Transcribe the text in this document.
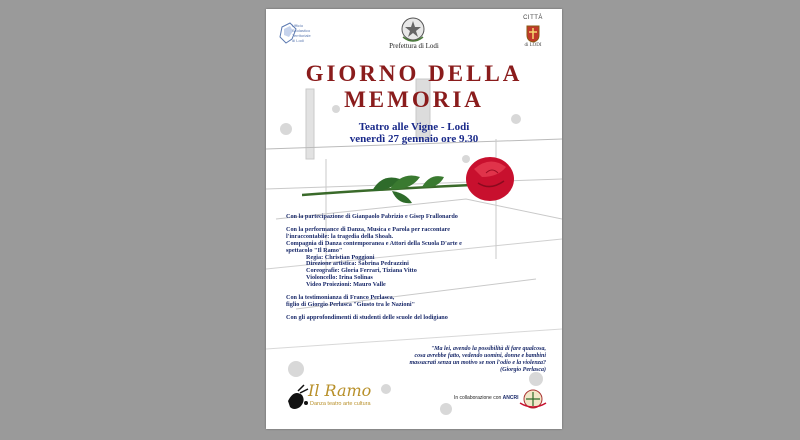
Ufficio
Scolastico
Territoriale
di Lodi
Prefettura di Lodi
CITTÀ
di LODI
GIORNO DELLA
MEMORIA
Teatro alle Vigne - Lodi
venerdì 27 gennaio ore 9.30

Con la partecipazione di Gianpaolo Pabrizio e Gisep Frallonardo

Con la performance di Danza, Musica e Parola per raccontare

l'inraccontabile: la tragedia della Shoah.

Compagnia di Danza contemporanea e Attori della Scuola D'arte e

spettacolo "Il Ramo"

Regia: Christian Poggioni

Direzione artistica: Sabrina Pedrazzini

Coreografie: Gloria Ferrari, Tiziana Vitto

Violoncello: Irina Solinas

Video Proiezioni: Mauro Valle

Con la testimonianza di Franco Perlasca,

figlio di Giorgio Perlasca "Giusto tra le Nazioni"

Con gli approfondimenti di studenti delle scuole del lodigiano

"Ma lei, avendo la possibilità di fare qualcosa,

cosa avrebbe fatto, vedendo uomini, donne e bambini

massacrati senza un motivo se non l'odio e la violenza?

(Giorgio Perlasca)

Il Ramo
Danza teatro arte cultura
In collaborazione con ANCRI
